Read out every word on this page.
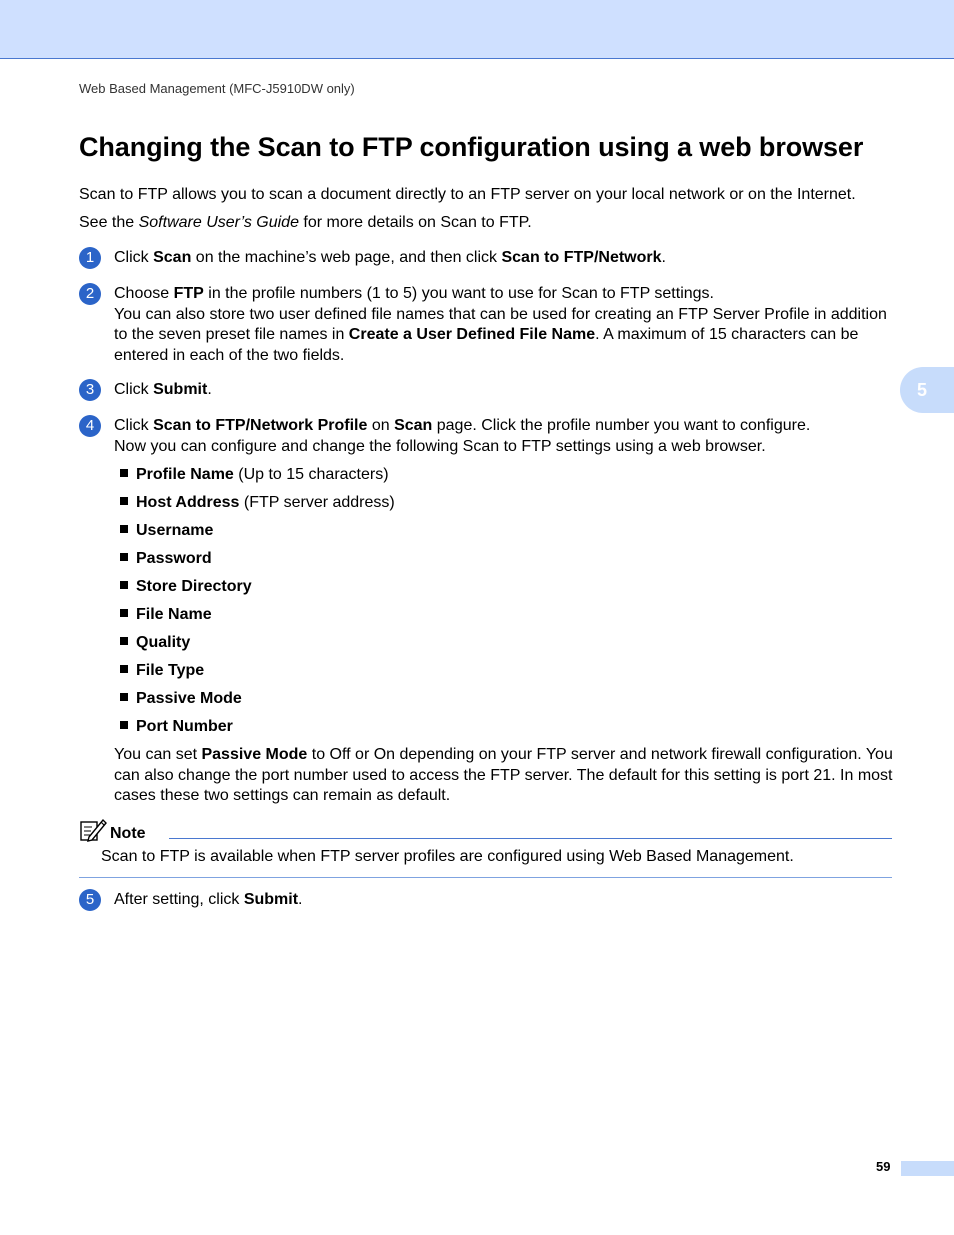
Web Based Management (MFC-J5910DW only)
Changing the Scan to FTP configuration using a web browser
Scan to FTP allows you to scan a document directly to an FTP server on your local network or on the Internet.
See the Software User’s Guide for more details on Scan to FTP.
1	Click Scan on the machine’s web page, and then click Scan to FTP/Network.
2	Choose FTP in the profile numbers (1 to 5) you want to use for Scan to FTP settings.
You can also store two user defined file names that can be used for creating an FTP Server Profile in addition to the seven preset file names in Create a User Defined File Name. A maximum of 15 characters can be entered in each of the two fields.
3	Click Submit.
4	Click Scan to FTP/Network Profile on Scan page. Click the profile number you want to configure.
Now you can configure and change the following Scan to FTP settings using a web browser.
Profile Name (Up to 15 characters)
Host Address (FTP server address)
Username
Password
Store Directory
File Name
Quality
File Type
Passive Mode
Port Number
You can set Passive Mode to Off or On depending on your FTP server and network firewall configuration. You can also change the port number used to access the FTP server. The default for this setting is port 21. In most cases these two settings can remain as default.
5
Note
Scan to FTP is available when FTP server profiles are configured using Web Based Management.
5	After setting, click Submit.
59
